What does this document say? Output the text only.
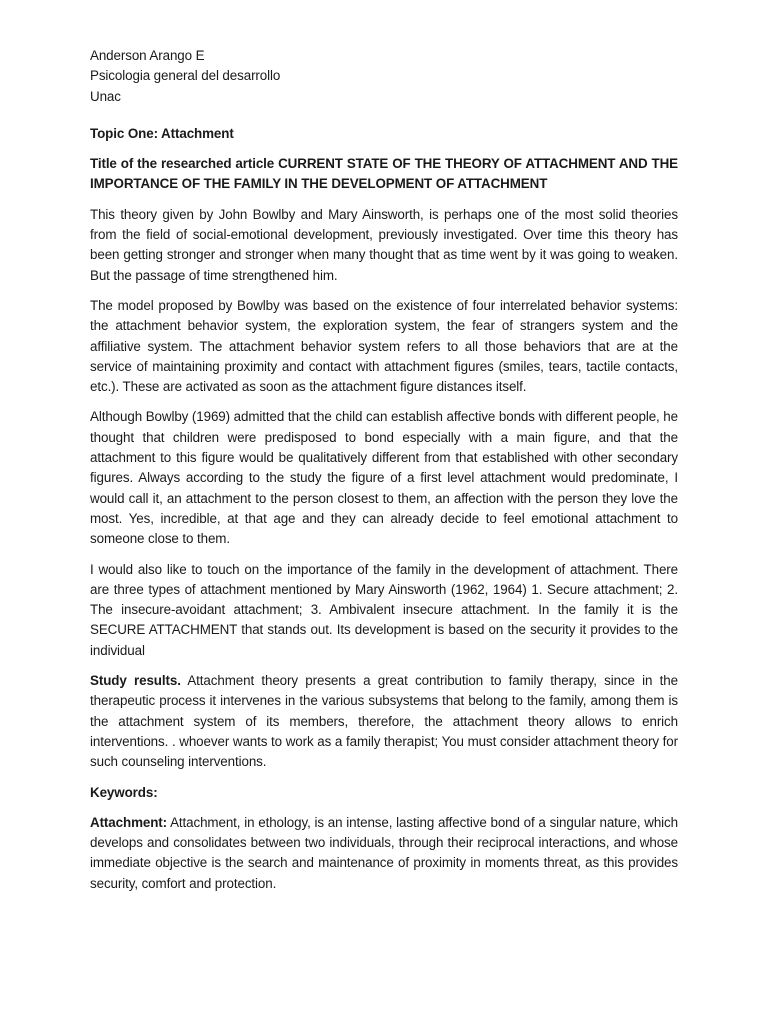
Anderson Arango E
Psicologia general del desarrollo
Unac
Topic One: Attachment
Title of the researched article CURRENT STATE OF THE THEORY OF ATTACHMENT AND THE IMPORTANCE OF THE FAMILY IN THE DEVELOPMENT OF ATTACHMENT

This theory given by John Bowlby and Mary Ainsworth, is perhaps one of the most solid theories from the field of social-emotional development, previously investigated. Over time this theory has been getting stronger and stronger when many thought that as time went by it was going to weaken. But the passage of time strengthened him.

The model proposed by Bowlby was based on the existence of four interrelated behavior systems: the attachment behavior system, the exploration system, the fear of strangers system and the affiliative system. The attachment behavior system refers to all those behaviors that are at the service of maintaining proximity and contact with attachment figures (smiles, tears, tactile contacts, etc.). These are activated as soon as the attachment figure distances itself.

Although Bowlby (1969) admitted that the child can establish affective bonds with different people, he thought that children were predisposed to bond especially with a main figure, and that the attachment to this figure would be qualitatively different from that established with other secondary figures. Always according to the study the figure of a first level attachment would predominate, I would call it, an attachment to the person closest to them, an affection with the person they love the most. Yes, incredible, at that age and they can already decide to feel emotional attachment to someone close to them.

I would also like to touch on the importance of the family in the development of attachment. There are three types of attachment mentioned by Mary Ainsworth (1962, 1964) 1. Secure attachment; 2. The insecure-avoidant attachment; 3. Ambivalent insecure attachment. In the family it is the SECURE ATTACHMENT that stands out. Its development is based on the security it provides to the individual

Study results. Attachment theory presents a great contribution to family therapy, since in the therapeutic process it intervenes in the various subsystems that belong to the family, among them is the attachment system of its members, therefore, the attachment theory allows to enrich interventions. . whoever wants to work as a family therapist; You must consider attachment theory for such counseling interventions.

Keywords:

Attachment: Attachment, in ethology, is an intense, lasting affective bond of a singular nature, which develops and consolidates between two individuals, through their reciprocal interactions, and whose immediate objective is the search and maintenance of proximity in moments threat, as this provides security, comfort and protection.
